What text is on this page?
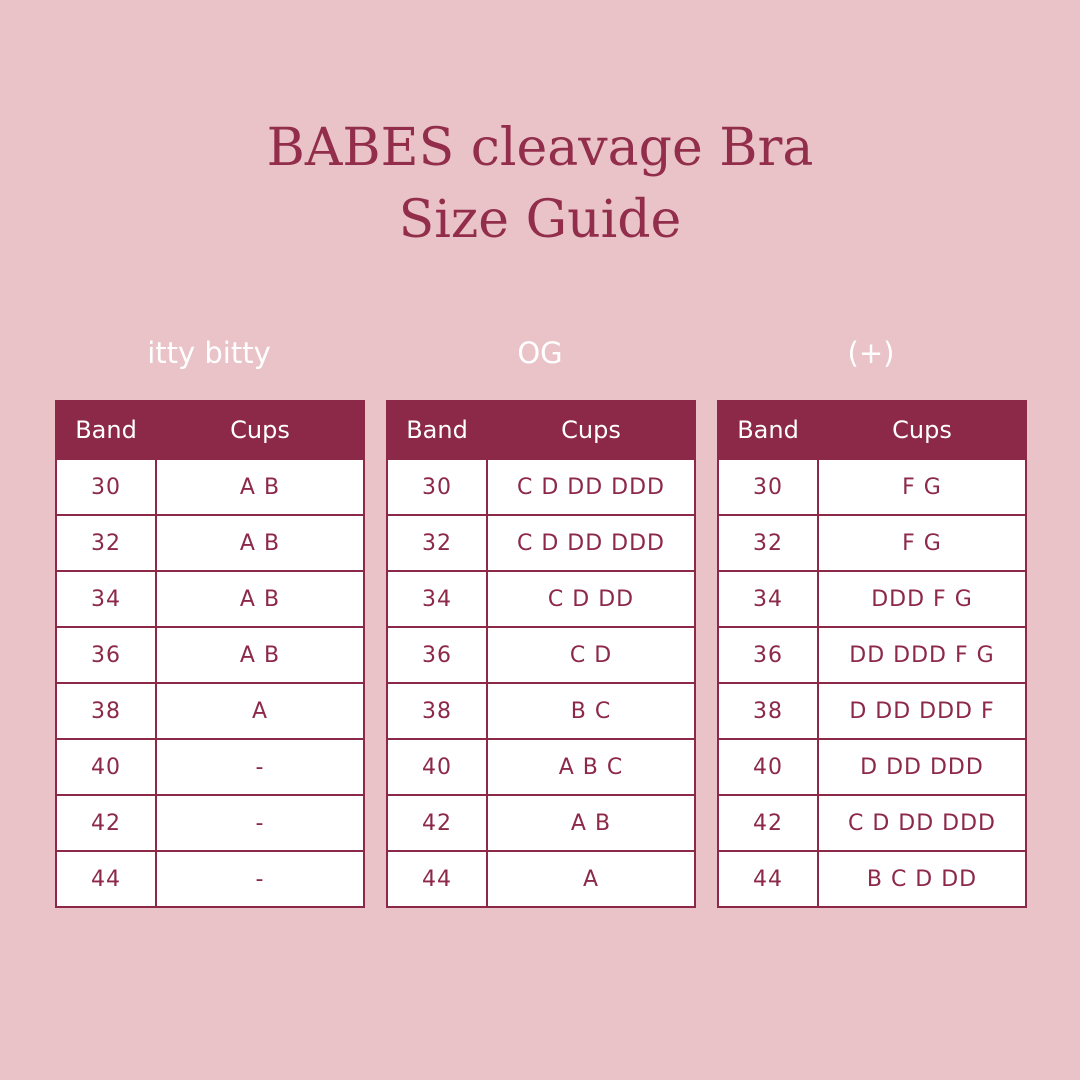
BABES cleavage Bra
Size Guide
itty bitty	OG	(+)
Band	Cups
30	A B
32	A B
34	A B
36	A B
38	A
40	-
42	-
44	-
Band	Cups
30	C D DD DDD
32	C D DD DDD
34	C D DD
36	C D
38	B C
40	A B C
42	A B
44	A
Band	Cups
30	F G
32	F G
34	DDD F G
36	DD DDD F G
38	D DD DDD F
40	D DD DDD
42	C D DD DDD
44	B C D DD
